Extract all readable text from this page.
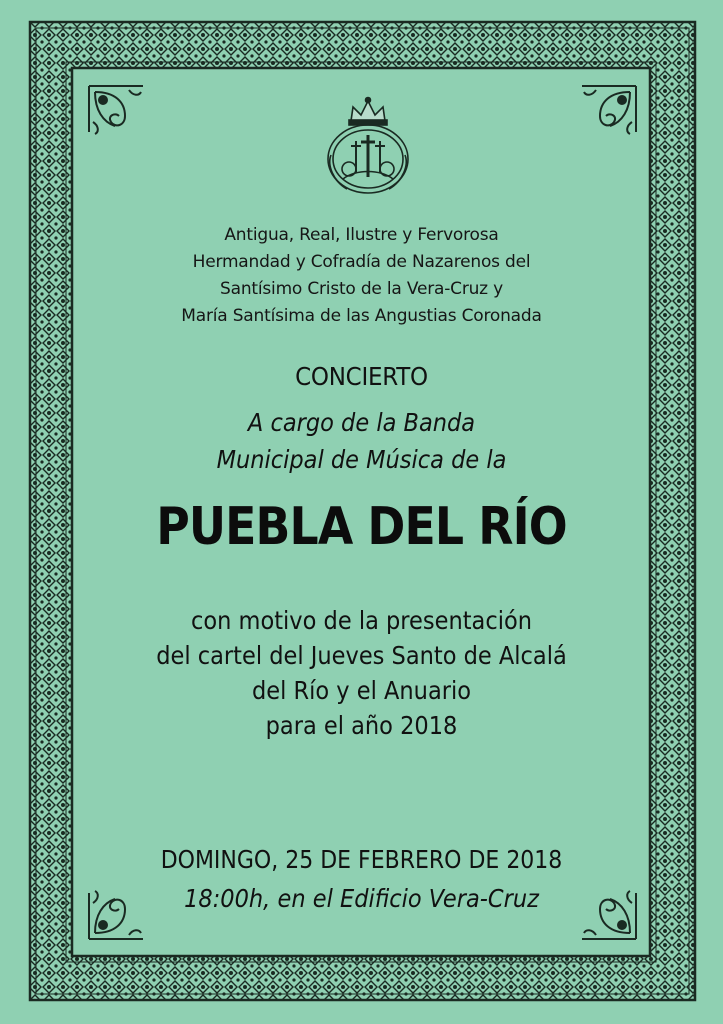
Antigua, Real, Ilustre y Fervorosa
Hermandad y Cofradía de Nazarenos del
Santísimo Cristo de la Vera-Cruz y
María Santísima de las Angustias Coronada
CONCIERTO
A cargo de la Banda
Municipal de Música de la
PUEBLA DEL RÍO
con motivo de la presentación
del cartel del Jueves Santo de Alcalá
del Río y el Anuario
para el año 2018
DOMINGO, 25 DE FEBRERO DE 2018
18:00h, en el Edificio Vera-Cruz
